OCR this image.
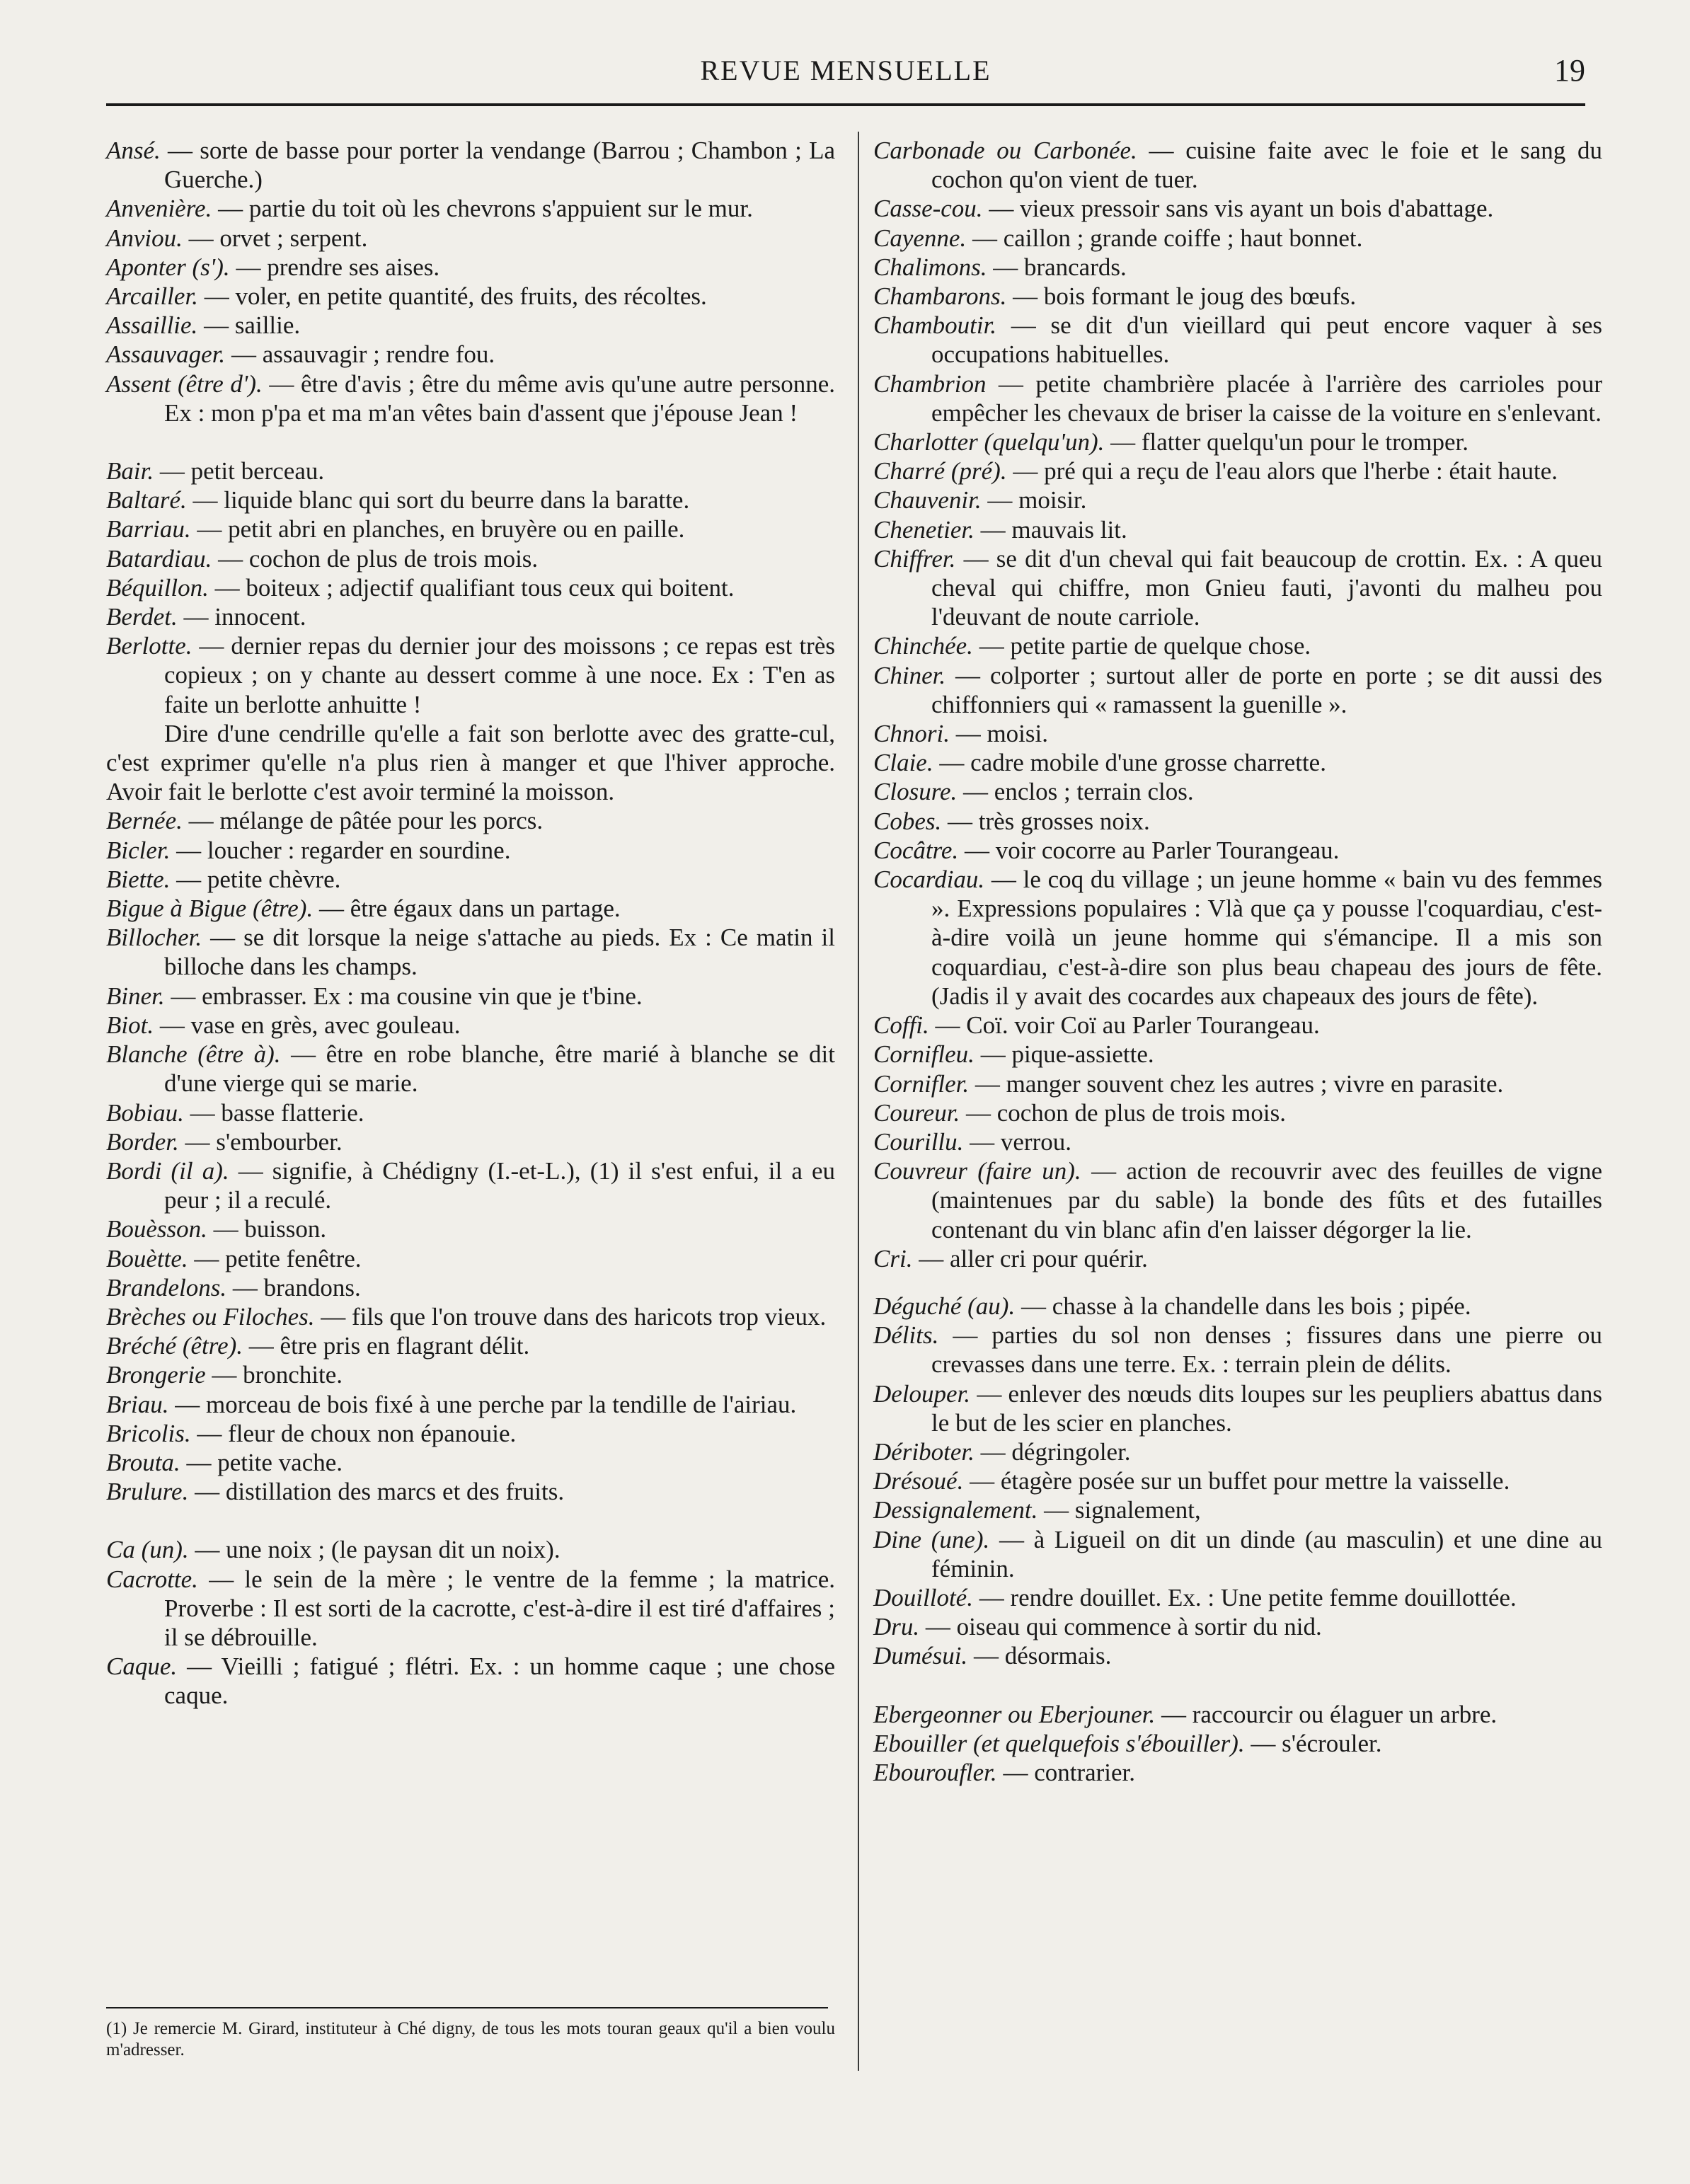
REVUE MENSUELLE	19
Ansé. — sorte de basse pour porter la vendange (Barrou ; Chambon ; La Guerche.)
Anvenière. — partie du toit où les chevrons s'appuient sur le mur.
Anviou. — orvet ; serpent.
Aponter (s'). — prendre ses aises.
Arcailler. — voler, en petite quantité, des fruits, des récoltes.
Assaillie. — saillie.
Assauvager. — assauvagir ; rendre fou.
Assent (être d'). — être d'avis ; être du même avis qu'une autre personne. Ex : mon p'pa et ma m'an vêtes bain d'assent que j'épouse Jean !
Bair. — petit berceau.
Baltaré. — liquide blanc qui sort du beurre dans la baratte.
Barriau. — petit abri en planches, en bruyère ou en paille.
Batardiau. — cochon de plus de trois mois.
Béquillon. — boiteux ; adjectif qualifiant tous ceux qui boitent.
Berdet. — innocent.
Berlotte. — dernier repas du dernier jour des moissons ; ce repas est très copieux ; on y chante au dessert comme à une noce. Ex : T'en as faite un berlotte anhuitte !
Dire d'une cendrille qu'elle a fait son berlotte avec des gratte-cul, c'est exprimer qu'elle n'a plus rien à manger et que l'hiver approche. Avoir fait le berlotte c'est avoir terminé la moisson.
Bernée. — mélange de pâtée pour les porcs.
Bicler. — loucher : regarder en sourdine.
Biette. — petite chèvre.
Bigue à Bigue (être). — être égaux dans un partage.
Billocher. — se dit lorsque la neige s'attache au pieds. Ex : Ce matin il billoche dans les champs.
Biner. — embrasser. Ex : ma cousine vin que je t'bine.
Biot. — vase en grès, avec gouleau.
Blanche (être à). — être en robe blanche, être marié à blanche se dit d'une vierge qui se marie.
Bobiau. — basse flatterie.
Border. — s'embourber.
Bordi (il a). — signifie, à Chédigny (I.-et-L.), (1) il s'est enfui, il a eu peur ; il a reculé.
Bouèsson. — buisson.
Bouètte. — petite fenêtre.
Brandelons. — brandons.
Brèches ou Filoches. — fils que l'on trouve dans des haricots trop vieux.
Bréché (être). — être pris en flagrant délit.
Brongerie — bronchite.
Briau. — morceau de bois fixé à une perche par la tendille de l'airiau.
Bricolis. — fleur de choux non épanouie.
Brouta. — petite vache.
Brulure. — distillation des marcs et des fruits.
Ca (un). — une noix ; (le paysan dit un noix).
Cacrotte. — le sein de la mère ; le ventre de la femme ; la matrice. Proverbe : Il est sorti de la cacrotte, c'est-à-dire il est tiré d'affaires ; il se débrouille.
Caque. — Vieilli ; fatigué ; flétri. Ex. : un homme caque ; une chose caque.
(1) Je remercie M. Girard, instituteur à Ché digny, de tous les mots touran geaux qu'il a bien voulu m'adresser.
Carbonade ou Carbonée. — cuisine faite avec le foie et le sang du cochon qu'on vient de tuer.
Casse-cou. — vieux pressoir sans vis ayant un bois d'abattage.
Cayenne. — caillon ; grande coiffe ; haut bonnet.
Chalimons. — brancards.
Chambarons. — bois formant le joug des bœufs.
Chamboutir. — se dit d'un vieillard qui peut encore vaquer à ses occupations habituelles.
Chambrion — petite chambrière placée à l'arrière des carrioles pour empêcher les chevaux de briser la caisse de la voiture en s'enlevant.
Charlotter (quelqu'un). — flatter quelqu'un pour le tromper.
Charré (pré). — pré qui a reçu de l'eau alors que l'herbe : était haute.
Chauvenir. — moisir.
Chenetier. — mauvais lit.
Chiffrer. — se dit d'un cheval qui fait beaucoup de crottin. Ex. : A queu cheval qui chiffre, mon Gnieu fauti, j'avonti du malheu pou l'deuvant de noute carriole.
Chinchée. — petite partie de quelque chose.
Chiner. — colporter ; surtout aller de porte en porte ; se dit aussi des chiffonniers qui « ramassent la guenille ».
Chnori. — moisi.
Claie. — cadre mobile d'une grosse charrette.
Closure. — enclos ; terrain clos.
Cobes. — très grosses noix.
Cocâtre. — voir cocorre au Parler Tourangeau.
Cocardiau. — le coq du village ; un jeune homme « bain vu des femmes ». Expressions populaires : Vlà que ça y pousse l'coquardiau, c'est-à-dire voilà un jeune homme qui s'émancipe. Il a mis son coquardiau, c'est-à-dire son plus beau chapeau des jours de fête. (Jadis il y avait des cocardes aux chapeaux des jours de fête).
Coffi. — Coï. voir Coï au Parler Tourangeau.
Cornifleu. — pique-assiette.
Cornifler. — manger souvent chez les autres ; vivre en parasite.
Coureur. — cochon de plus de trois mois.
Courillu. — verrou.
Couvreur (faire un). — action de recouvrir avec des feuilles de vigne (maintenues par du sable) la bonde des fûts et des futailles contenant du vin blanc afin d'en laisser dégorger la lie.
Cri. — aller cri pour quérir.
Déguché (au). — chasse à la chandelle dans les bois ; pipée.
Délits. — parties du sol non denses ; fissures dans une pierre ou crevasses dans une terre. Ex. : terrain plein de délits.
Delouper. — enlever des nœuds dits loupes sur les peupliers abattus dans le but de les scier en planches.
Dériboter. — dégringoler.
Drésoué. — étagère posée sur un buffet pour mettre la vaisselle.
Dessignalement. — signalement,
Dine (une). — à Ligueil on dit un dinde (au masculin) et une dine au féminin.
Douilloté. — rendre douillet. Ex. : Une petite femme douillottée.
Dru. — oiseau qui commence à sortir du nid.
Dumésui. — désormais.
Ebergeonner ou Eberjouner. — raccourcir ou élaguer un arbre.
Ebouiller (et quelquefois s'ébouiller). — s'écrouler.
Ebouroufler. — contrarier.
